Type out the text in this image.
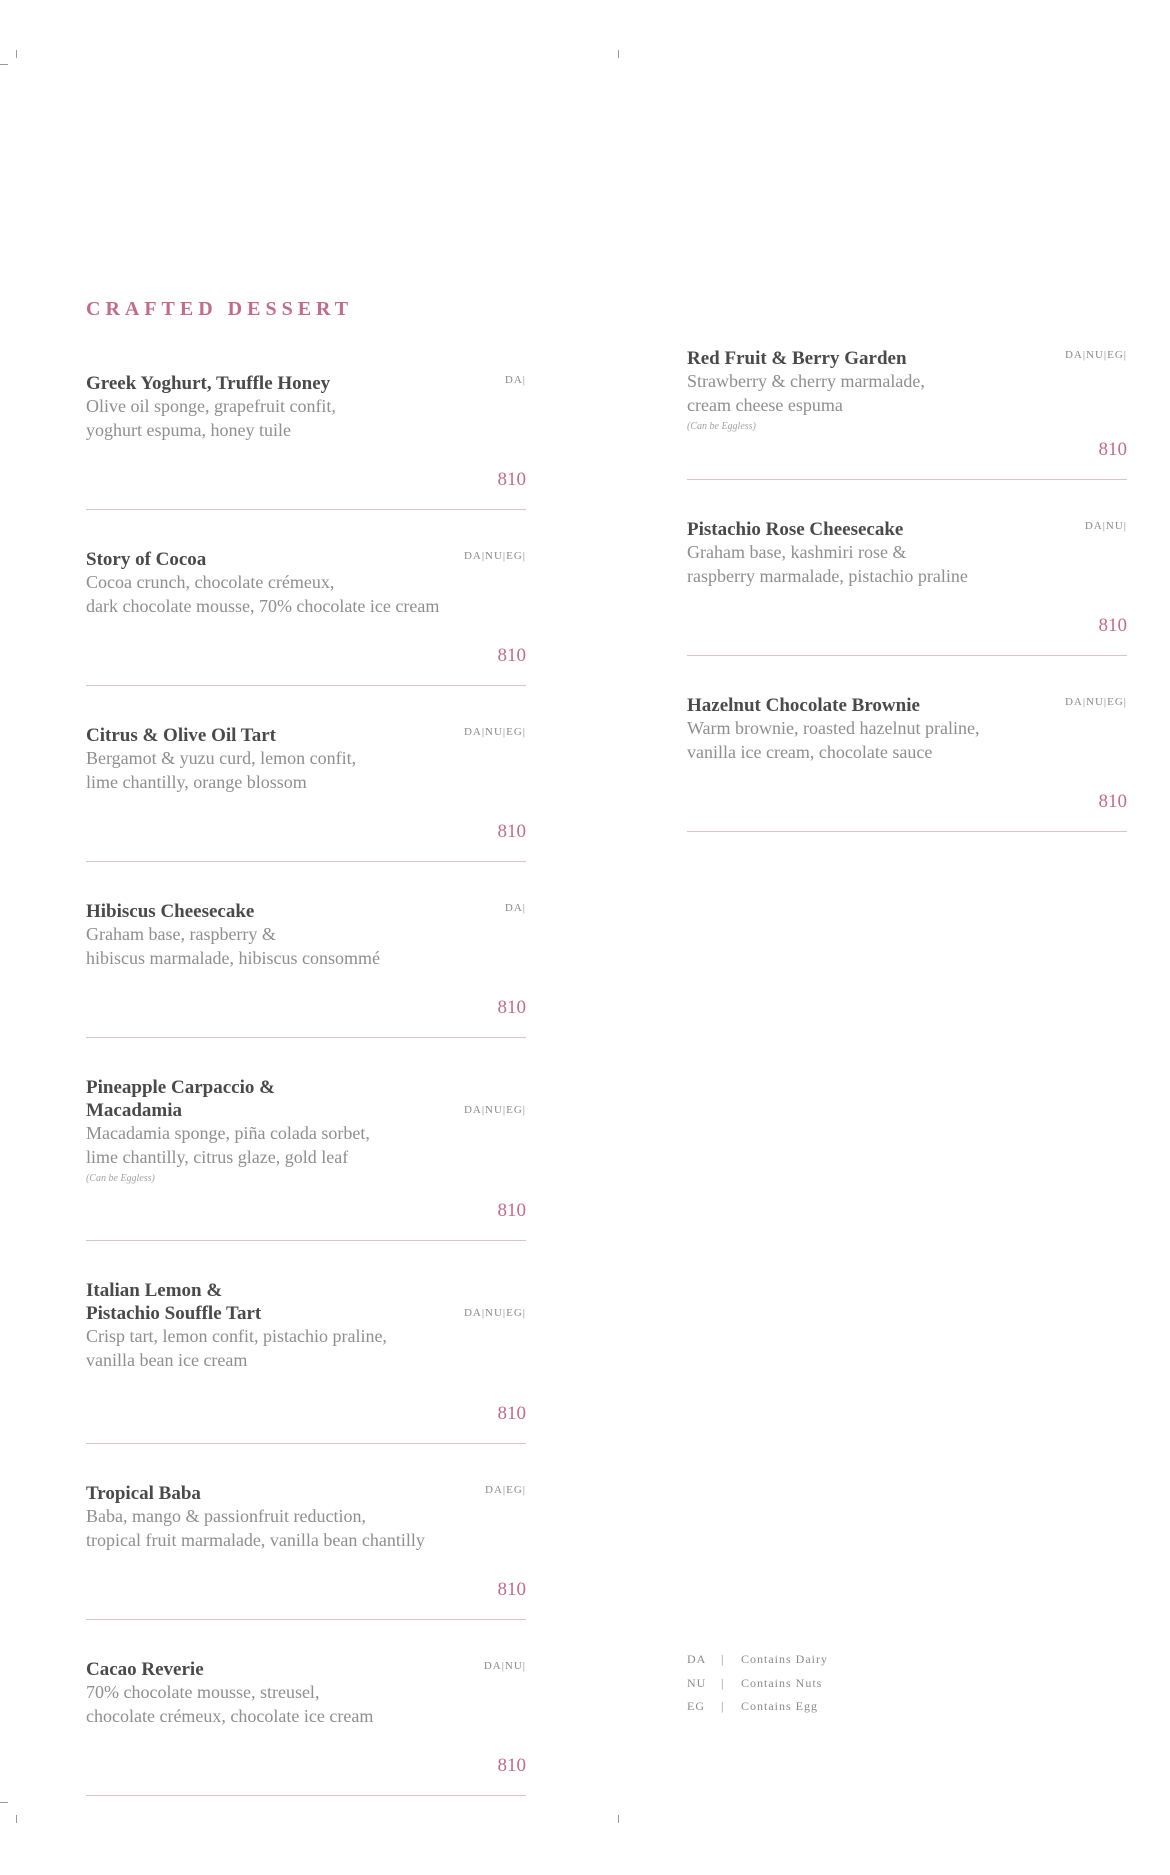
CRAFTED DESSERT
Greek Yoghurt, Truffle Honey	DA|
Olive oil sponge, grapefruit confit,
yoghurt espuma, honey tuile
810
Story of Cocoa	DA|NU|EG|
Cocoa crunch, chocolate crémeux,
dark chocolate mousse, 70% chocolate ice cream
810
Citrus & Olive Oil Tart	DA|NU|EG|
Bergamot & yuzu curd, lemon confit,
lime chantilly, orange blossom
810
Hibiscus Cheesecake	DA|
Graham base, raspberry &
hibiscus marmalade, hibiscus consommé
810
Pineapple Carpaccio &
Macadamia	DA|NU|EG|
Macadamia sponge, piña colada sorbet,
lime chantilly, citrus glaze, gold leaf
(Can be Eggless)
810
Italian Lemon &
Pistachio Souffle Tart	DA|NU|EG|
Crisp tart, lemon confit, pistachio praline,
vanilla bean ice cream
810
Tropical Baba	DA|EG|
Baba, mango & passionfruit reduction,
tropical fruit marmalade, vanilla bean chantilly
810
Cacao Reverie	DA|NU|
70% chocolate mousse, streusel,
chocolate crémeux, chocolate ice cream
810
Red Fruit & Berry Garden	DA|NU|EG|
Strawberry & cherry marmalade,
cream cheese espuma
(Can be Eggless)
810
Pistachio Rose Cheesecake	DA|NU|
Graham base, kashmiri rose &
raspberry marmalade, pistachio praline
810
Hazelnut Chocolate Brownie	DA|NU|EG|
Warm brownie, roasted hazelnut praline,
vanilla ice cream, chocolate sauce
810
DA	|	Contains Dairy
NU	|	Contains Nuts
EG	|	Contains Egg
